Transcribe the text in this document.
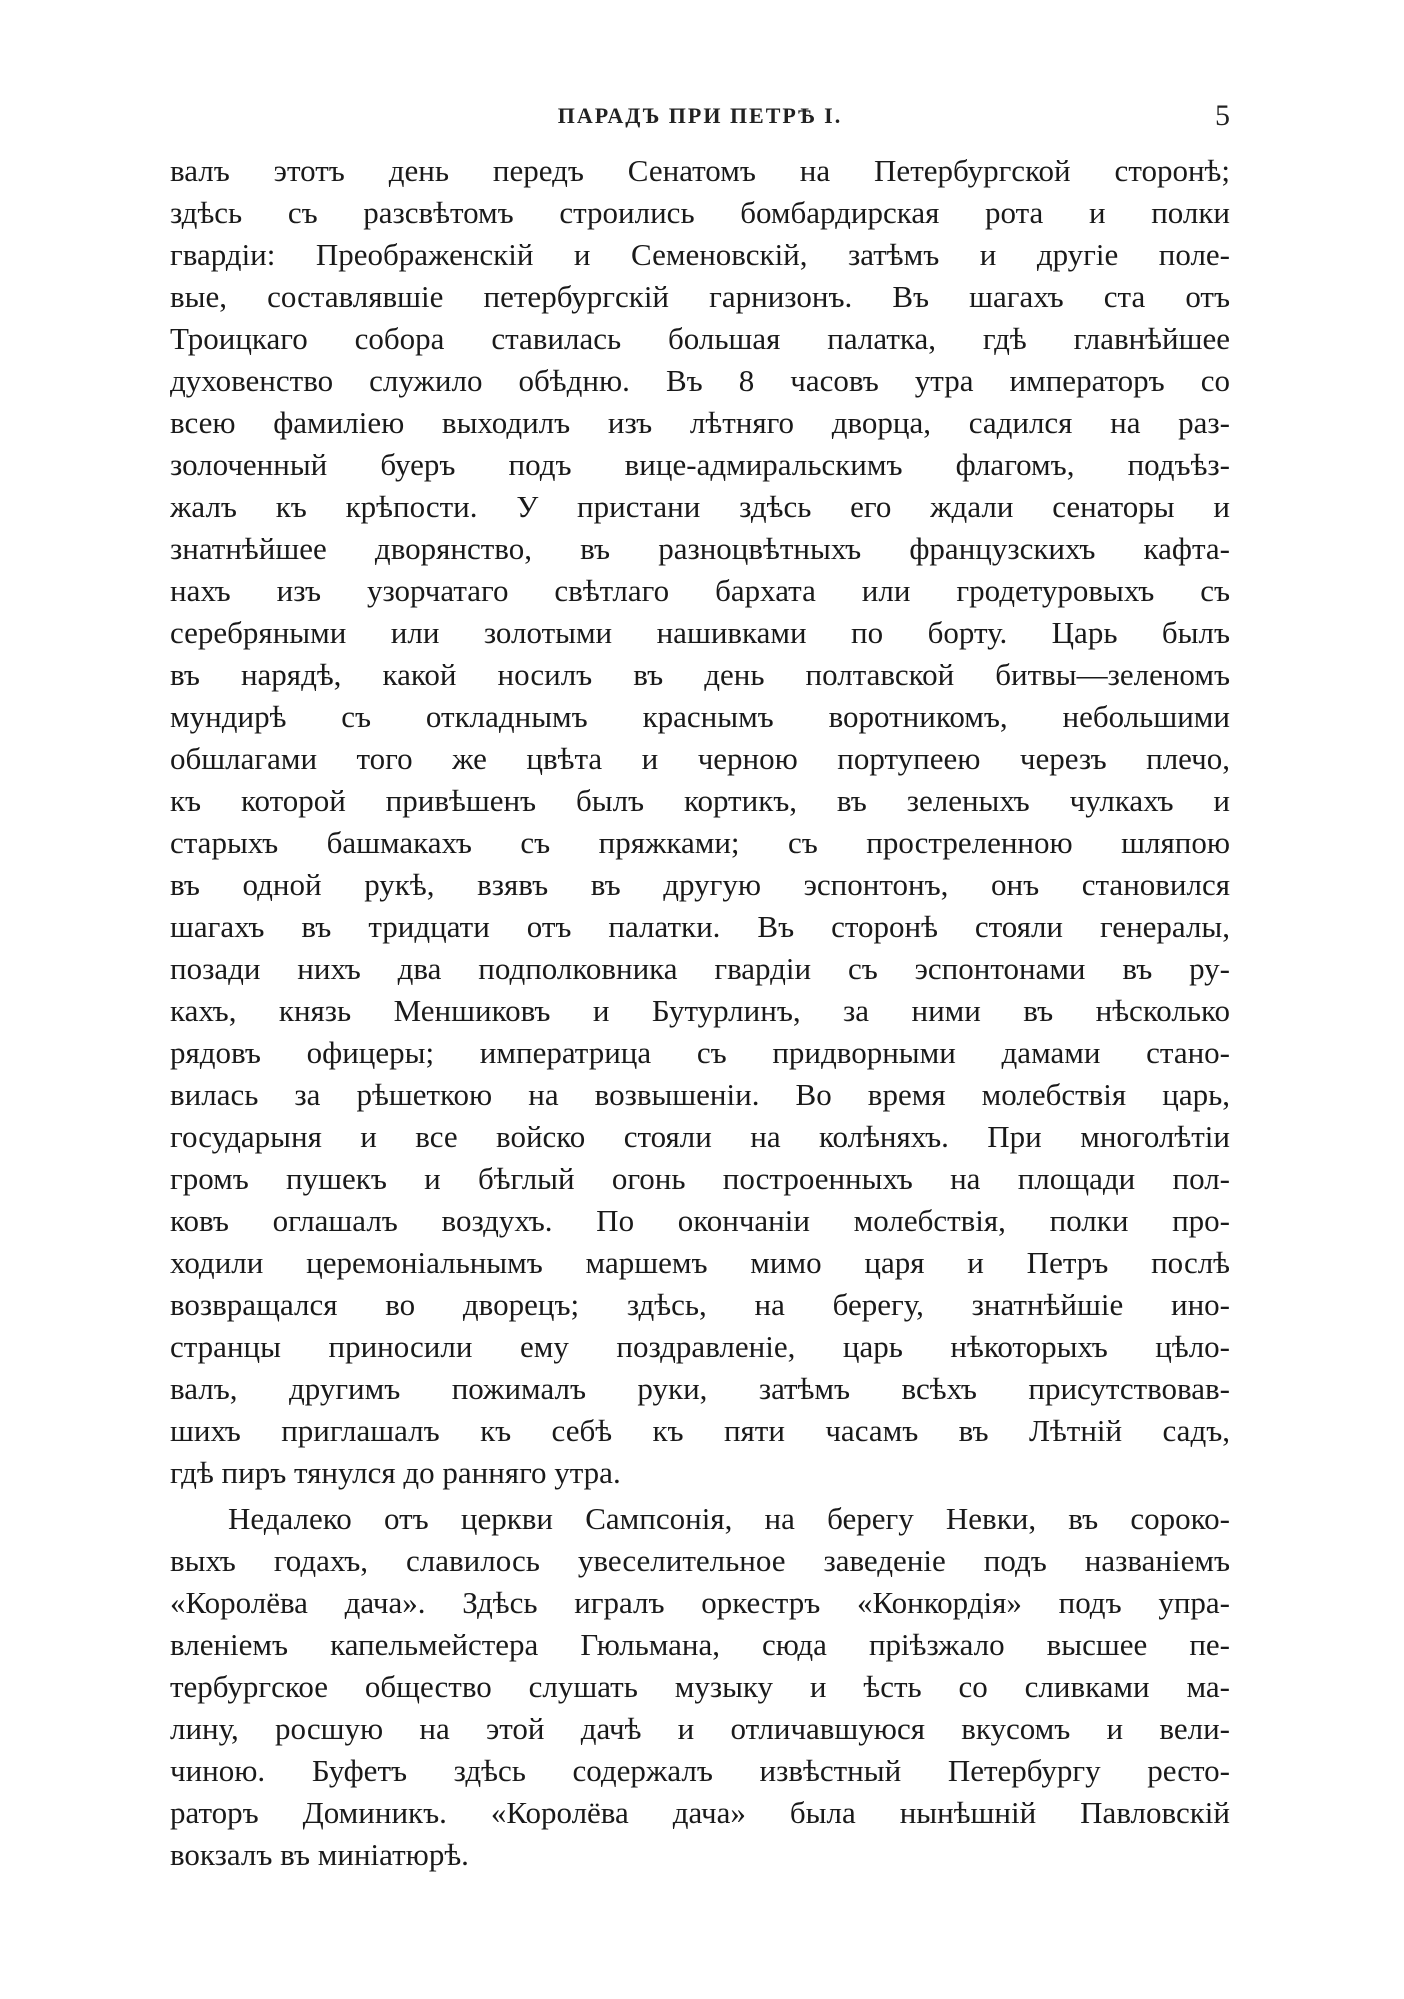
ПАРАДЪ ПРИ ПЕТРѢ I.	5
валъ этотъ день передъ Сенатомъ на Петербургской сторонѣ;
здѣсь съ разсвѣтомъ строились бомбардирская рота и полки
гвардіи: Преображенскій и Семеновскій, затѣмъ и другіе поле-
вые, составлявшіе петербургскій гарнизонъ. Въ шагахъ ста отъ
Троицкаго собора ставилась большая палатка, гдѣ главнѣйшее
духовенство служило обѣдню. Въ 8 часовъ утра императоръ со
всею фамиліею выходилъ изъ лѣтняго дворца, садился на раз-
золоченный буеръ подъ вице-адмиральскимъ флагомъ, подъѣз-
жалъ къ крѣпости. У пристани здѣсь его ждали сенаторы и
знатнѣйшее дворянство, въ разноцвѣтныхъ французскихъ кафта-
нахъ изъ узорчатаго свѣтлаго бархата или гродетуровыхъ съ
серебряными или золотыми нашивками по борту. Царь былъ
въ нарядѣ, какой носилъ въ день полтавской битвы—зеленомъ
мундирѣ съ откладнымъ краснымъ воротникомъ, небольшими
обшлагами того же цвѣта и черною портупеею черезъ плечо,
къ которой привѣшенъ былъ кортикъ, въ зеленыхъ чулкахъ и
старыхъ башмакахъ съ пряжками; съ простреленною шляпою
въ одной рукѣ, взявъ въ другую эспонтонъ, онъ становился
шагахъ въ тридцати отъ палатки. Въ сторонѣ стояли генералы,
позади нихъ два подполковника гвардіи съ эспонтонами въ ру-
кахъ, князь Меншиковъ и Бутурлинъ, за ними въ нѣсколько
рядовъ офицеры; императрица съ придворными дамами стано-
вилась за рѣшеткою на возвышеніи. Во время молебствія царь,
государыня и все войско стояли на колѣняхъ. При многолѣтіи
громъ пушекъ и бѣглый огонь построенныхъ на площади пол-
ковъ оглашалъ воздухъ. По окончаніи молебствія, полки про-
ходили церемоніальнымъ маршемъ мимо царя и Петръ послѣ
возвращался во дворецъ; здѣсь, на берегу, знатнѣйшіе ино-
странцы приносили ему поздравленіе, царь нѣкоторыхъ цѣло-
валъ, другимъ пожималъ руки, затѣмъ всѣхъ присутствовав-
шихъ приглашалъ къ себѣ къ пяти часамъ въ Лѣтній садъ,
гдѣ пиръ тянулся до ранняго утра.
Недалеко отъ церкви Сампсонія, на берегу Невки, въ сороко-
выхъ годахъ, славилось увеселительное заведеніе подъ названіемъ
«Королёва дача». Здѣсь игралъ оркестръ «Конкордія» подъ упра-
вленіемъ капельмейстера Гюльмана, сюда пріѣзжало высшее пе-
тербургское общество слушать музыку и ѣсть со сливками ма-
лину, росшую на этой дачѣ и отличавшуюся вкусомъ и вели-
чиною. Буфетъ здѣсь содержалъ извѣстный Петербургу ресто-
раторъ Доминикъ. «Королёва дача» была нынѣшній Павловскій
вокзалъ въ миніатюрѣ.
